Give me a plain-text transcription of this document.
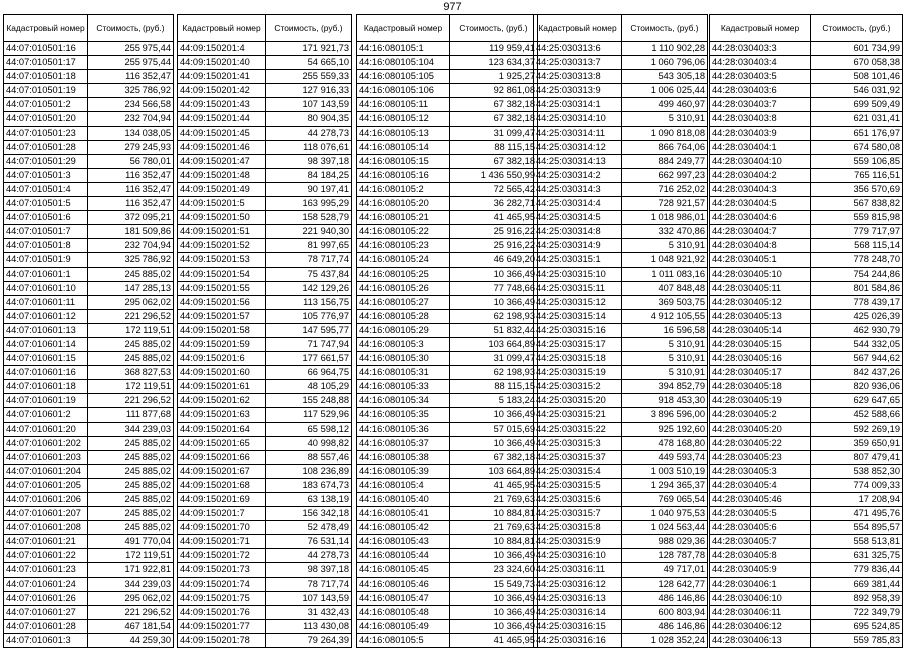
977
Кадастровый номер	Стоимость, (руб.)
44:07:010501:16	255 975,44
44:07:010501:17	255 975,44
44:07:010501:18	116 352,47
44:07:010501:19	325 786,92
44:07:010501:2	234 566,58
44:07:010501:20	232 704,94
44:07:010501:23	134 038,05
44:07:010501:28	279 245,93
44:07:010501:29	56 780,01
44:07:010501:3	116 352,47
44:07:010501:4	116 352,47
44:07:010501:5	116 352,47
44:07:010501:6	372 095,21
44:07:010501:7	181 509,86
44:07:010501:8	232 704,94
44:07:010501:9	325 786,92
44:07:010601:1	245 885,02
44:07:010601:10	147 285,13
44:07:010601:11	295 062,02
44:07:010601:12	221 296,52
44:07:010601:13	172 119,51
44:07:010601:14	245 885,02
44:07:010601:15	245 885,02
44:07:010601:16	368 827,53
44:07:010601:18	172 119,51
44:07:010601:19	221 296,52
44:07:010601:2	111 877,68
44:07:010601:20	344 239,03
44:07:010601:202	245 885,02
44:07:010601:203	245 885,02
44:07:010601:204	245 885,02
44:07:010601:205	245 885,02
44:07:010601:206	245 885,02
44:07:010601:207	245 885,02
44:07:010601:208	245 885,02
44:07:010601:21	491 770,04
44:07:010601:22	172 119,51
44:07:010601:23	171 922,81
44:07:010601:24	344 239,03
44:07:010601:26	295 062,02
44:07:010601:27	221 296,52
44:07:010601:28	467 181,54
44:07:010601:3	44 259,30
Кадастровый номер	Стоимость, (руб.)
44:09:150201:4	171 921,73
44:09:150201:40	54 665,10
44:09:150201:41	255 559,33
44:09:150201:42	127 916,33
44:09:150201:43	107 143,59
44:09:150201:44	80 904,35
44:09:150201:45	44 278,73
44:09:150201:46	118 076,61
44:09:150201:47	98 397,18
44:09:150201:48	84 184,25
44:09:150201:49	90 197,41
44:09:150201:5	163 995,29
44:09:150201:50	158 528,79
44:09:150201:51	221 940,30
44:09:150201:52	81 997,65
44:09:150201:53	78 717,74
44:09:150201:54	75 437,84
44:09:150201:55	142 129,26
44:09:150201:56	113 156,75
44:09:150201:57	105 776,97
44:09:150201:58	147 595,77
44:09:150201:59	71 747,94
44:09:150201:6	177 661,57
44:09:150201:60	66 964,75
44:09:150201:61	48 105,29
44:09:150201:62	155 248,88
44:09:150201:63	117 529,96
44:09:150201:64	65 598,12
44:09:150201:65	40 998,82
44:09:150201:66	88 557,46
44:09:150201:67	108 236,89
44:09:150201:68	183 674,73
44:09:150201:69	63 138,19
44:09:150201:7	156 342,18
44:09:150201:70	52 478,49
44:09:150201:71	76 531,14
44:09:150201:72	44 278,73
44:09:150201:73	98 397,18
44:09:150201:74	78 717,74
44:09:150201:75	107 143,59
44:09:150201:76	31 432,43
44:09:150201:77	113 430,08
44:09:150201:78	79 264,39
Кадастровый номер	Стоимость, (руб.)
44:16:080105:1	119 959,41
44:16:080105:104	123 634,37
44:16:080105:105	1 925,27
44:16:080105:106	92 861,08
44:16:080105:11	67 382,18
44:16:080105:12	67 382,18
44:16:080105:13	31 099,47
44:16:080105:14	88 115,15
44:16:080105:15	67 382,18
44:16:080105:16	1 436 550,99
44:16:080105:2	72 565,42
44:16:080105:20	36 282,71
44:16:080105:21	41 465,95
44:16:080105:22	25 916,22
44:16:080105:23	25 916,22
44:16:080105:24	46 649,20
44:16:080105:25	10 366,49
44:16:080105:26	77 748,66
44:16:080105:27	10 366,49
44:16:080105:28	62 198,93
44:16:080105:29	51 832,44
44:16:080105:3	103 664,89
44:16:080105:30	31 099,47
44:16:080105:31	62 198,93
44:16:080105:33	88 115,15
44:16:080105:34	5 183,24
44:16:080105:35	10 366,49
44:16:080105:36	57 015,69
44:16:080105:37	10 366,49
44:16:080105:38	67 382,18
44:16:080105:39	103 664,89
44:16:080105:4	41 465,95
44:16:080105:40	21 769,63
44:16:080105:41	10 884,81
44:16:080105:42	21 769,63
44:16:080105:43	10 884,81
44:16:080105:44	10 366,49
44:16:080105:45	23 324,60
44:16:080105:46	15 549,73
44:16:080105:47	10 366,49
44:16:080105:48	10 366,49
44:16:080105:49	10 366,49
44:16:080105:5	41 465,95
Кадастровый номер	Стоимость, (руб.)
44:25:030313:6	1 110 902,28
44:25:030313:7	1 060 796,06
44:25:030313:8	543 305,18
44:25:030313:9	1 006 025,44
44:25:030314:1	499 460,97
44:25:030314:10	5 310,91
44:25:030314:11	1 090 818,08
44:25:030314:12	866 764,06
44:25:030314:13	884 249,77
44:25:030314:2	662 997,23
44:25:030314:3	716 252,02
44:25:030314:4	728 921,57
44:25:030314:5	1 018 986,01
44:25:030314:8	332 470,86
44:25:030314:9	5 310,91
44:25:030315:1	1 048 921,92
44:25:030315:10	1 011 083,16
44:25:030315:11	407 848,48
44:25:030315:12	369 503,75
44:25:030315:14	4 912 105,55
44:25:030315:16	16 596,58
44:25:030315:17	5 310,91
44:25:030315:18	5 310,91
44:25:030315:19	5 310,91
44:25:030315:2	394 852,79
44:25:030315:20	918 453,30
44:25:030315:21	3 896 596,00
44:25:030315:22	925 192,60
44:25:030315:3	478 168,80
44:25:030315:37	449 593,74
44:25:030315:4	1 003 510,19
44:25:030315:5	1 294 365,37
44:25:030315:6	769 065,54
44:25:030315:7	1 040 975,53
44:25:030315:8	1 024 563,44
44:25:030315:9	988 029,36
44:25:030316:10	128 787,78
44:25:030316:11	49 717,01
44:25:030316:12	128 642,77
44:25:030316:13	486 146,86
44:25:030316:14	600 803,94
44:25:030316:15	486 146,86
44:25:030316:16	1 028 352,24
Кадастровый номер	Стоимость, (руб.)
44:28:030403:3	601 734,99
44:28:030403:4	670 058,38
44:28:030403:5	508 101,46
44:28:030403:6	546 031,92
44:28:030403:7	699 509,49
44:28:030403:8	621 031,41
44:28:030403:9	651 176,97
44:28:030404:1	674 580,08
44:28:030404:10	559 106,85
44:28:030404:2	765 116,51
44:28:030404:3	356 570,69
44:28:030404:5	567 838,82
44:28:030404:6	559 815,98
44:28:030404:7	779 717,97
44:28:030404:8	568 115,14
44:28:030405:1	778 248,70
44:28:030405:10	754 244,86
44:28:030405:11	801 584,86
44:28:030405:12	778 439,17
44:28:030405:13	425 026,39
44:28:030405:14	462 930,79
44:28:030405:15	544 332,05
44:28:030405:16	567 944,62
44:28:030405:17	842 437,26
44:28:030405:18	820 936,06
44:28:030405:19	629 647,65
44:28:030405:2	452 588,66
44:28:030405:20	592 269,19
44:28:030405:22	359 650,91
44:28:030405:23	807 479,41
44:28:030405:3	538 852,30
44:28:030405:4	774 009,33
44:28:030405:46	17 208,94
44:28:030405:5	471 495,76
44:28:030405:6	554 895,57
44:28:030405:7	558 513,81
44:28:030405:8	631 325,75
44:28:030405:9	779 836,44
44:28:030406:1	669 381,44
44:28:030406:10	892 958,39
44:28:030406:11	722 349,79
44:28:030406:12	695 524,85
44:28:030406:13	559 785,83
